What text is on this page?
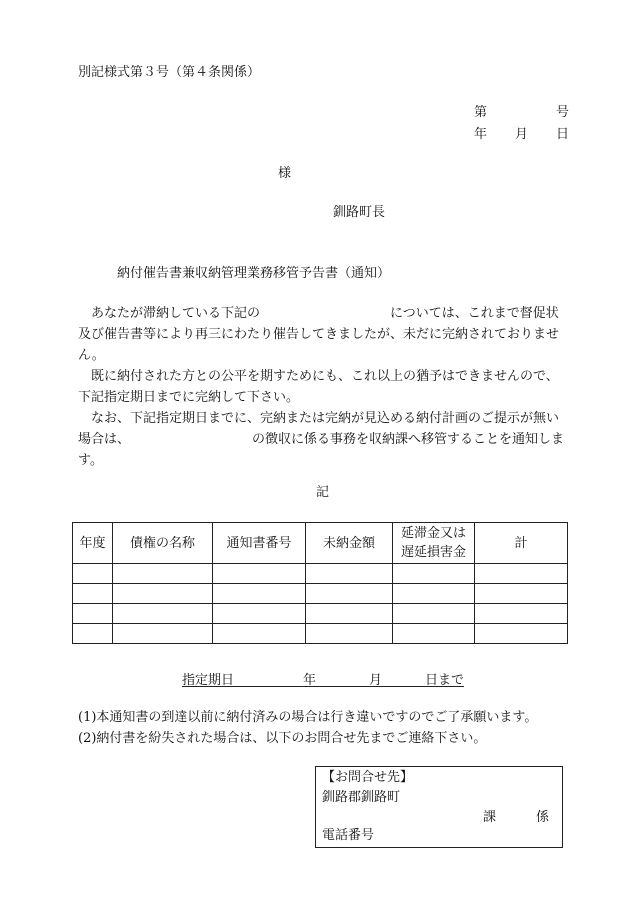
別記様式第３号（第４条関係）
第	号
年 月 日
様
釧路町長
納付催告書兼収納管理業務移管予告書（通知）

　あなたが滞納している下記の	については、これまで督促状
及び催告書等により再三にわたり催告してきましたが、未だに完納されておりませ
ん。

　既に納付された方との公平を期すためにも、これ以上の猶予はできませんので、
下記指定期日までに完納して下さい。

　なお、下記指定期日までに、完納または完納が見込める納付計画のご提示が無い
場合は、	の徴収に係る事務を収納課へ移管することを通知しま
す。

記
年度	債権の名称	通知書番号	未納金額	延滞金又は
遅延損害金	計

指定期日	年	月	日まで
(1)本通知書の到達以前に納付済みの場合は行き違いですのでご了承願います。
(2)納付書を紛失された場合は、以下のお問合せ先までご連絡下さい。
【お問合せ先】
釧路郡釧路町
課	係
電話番号
